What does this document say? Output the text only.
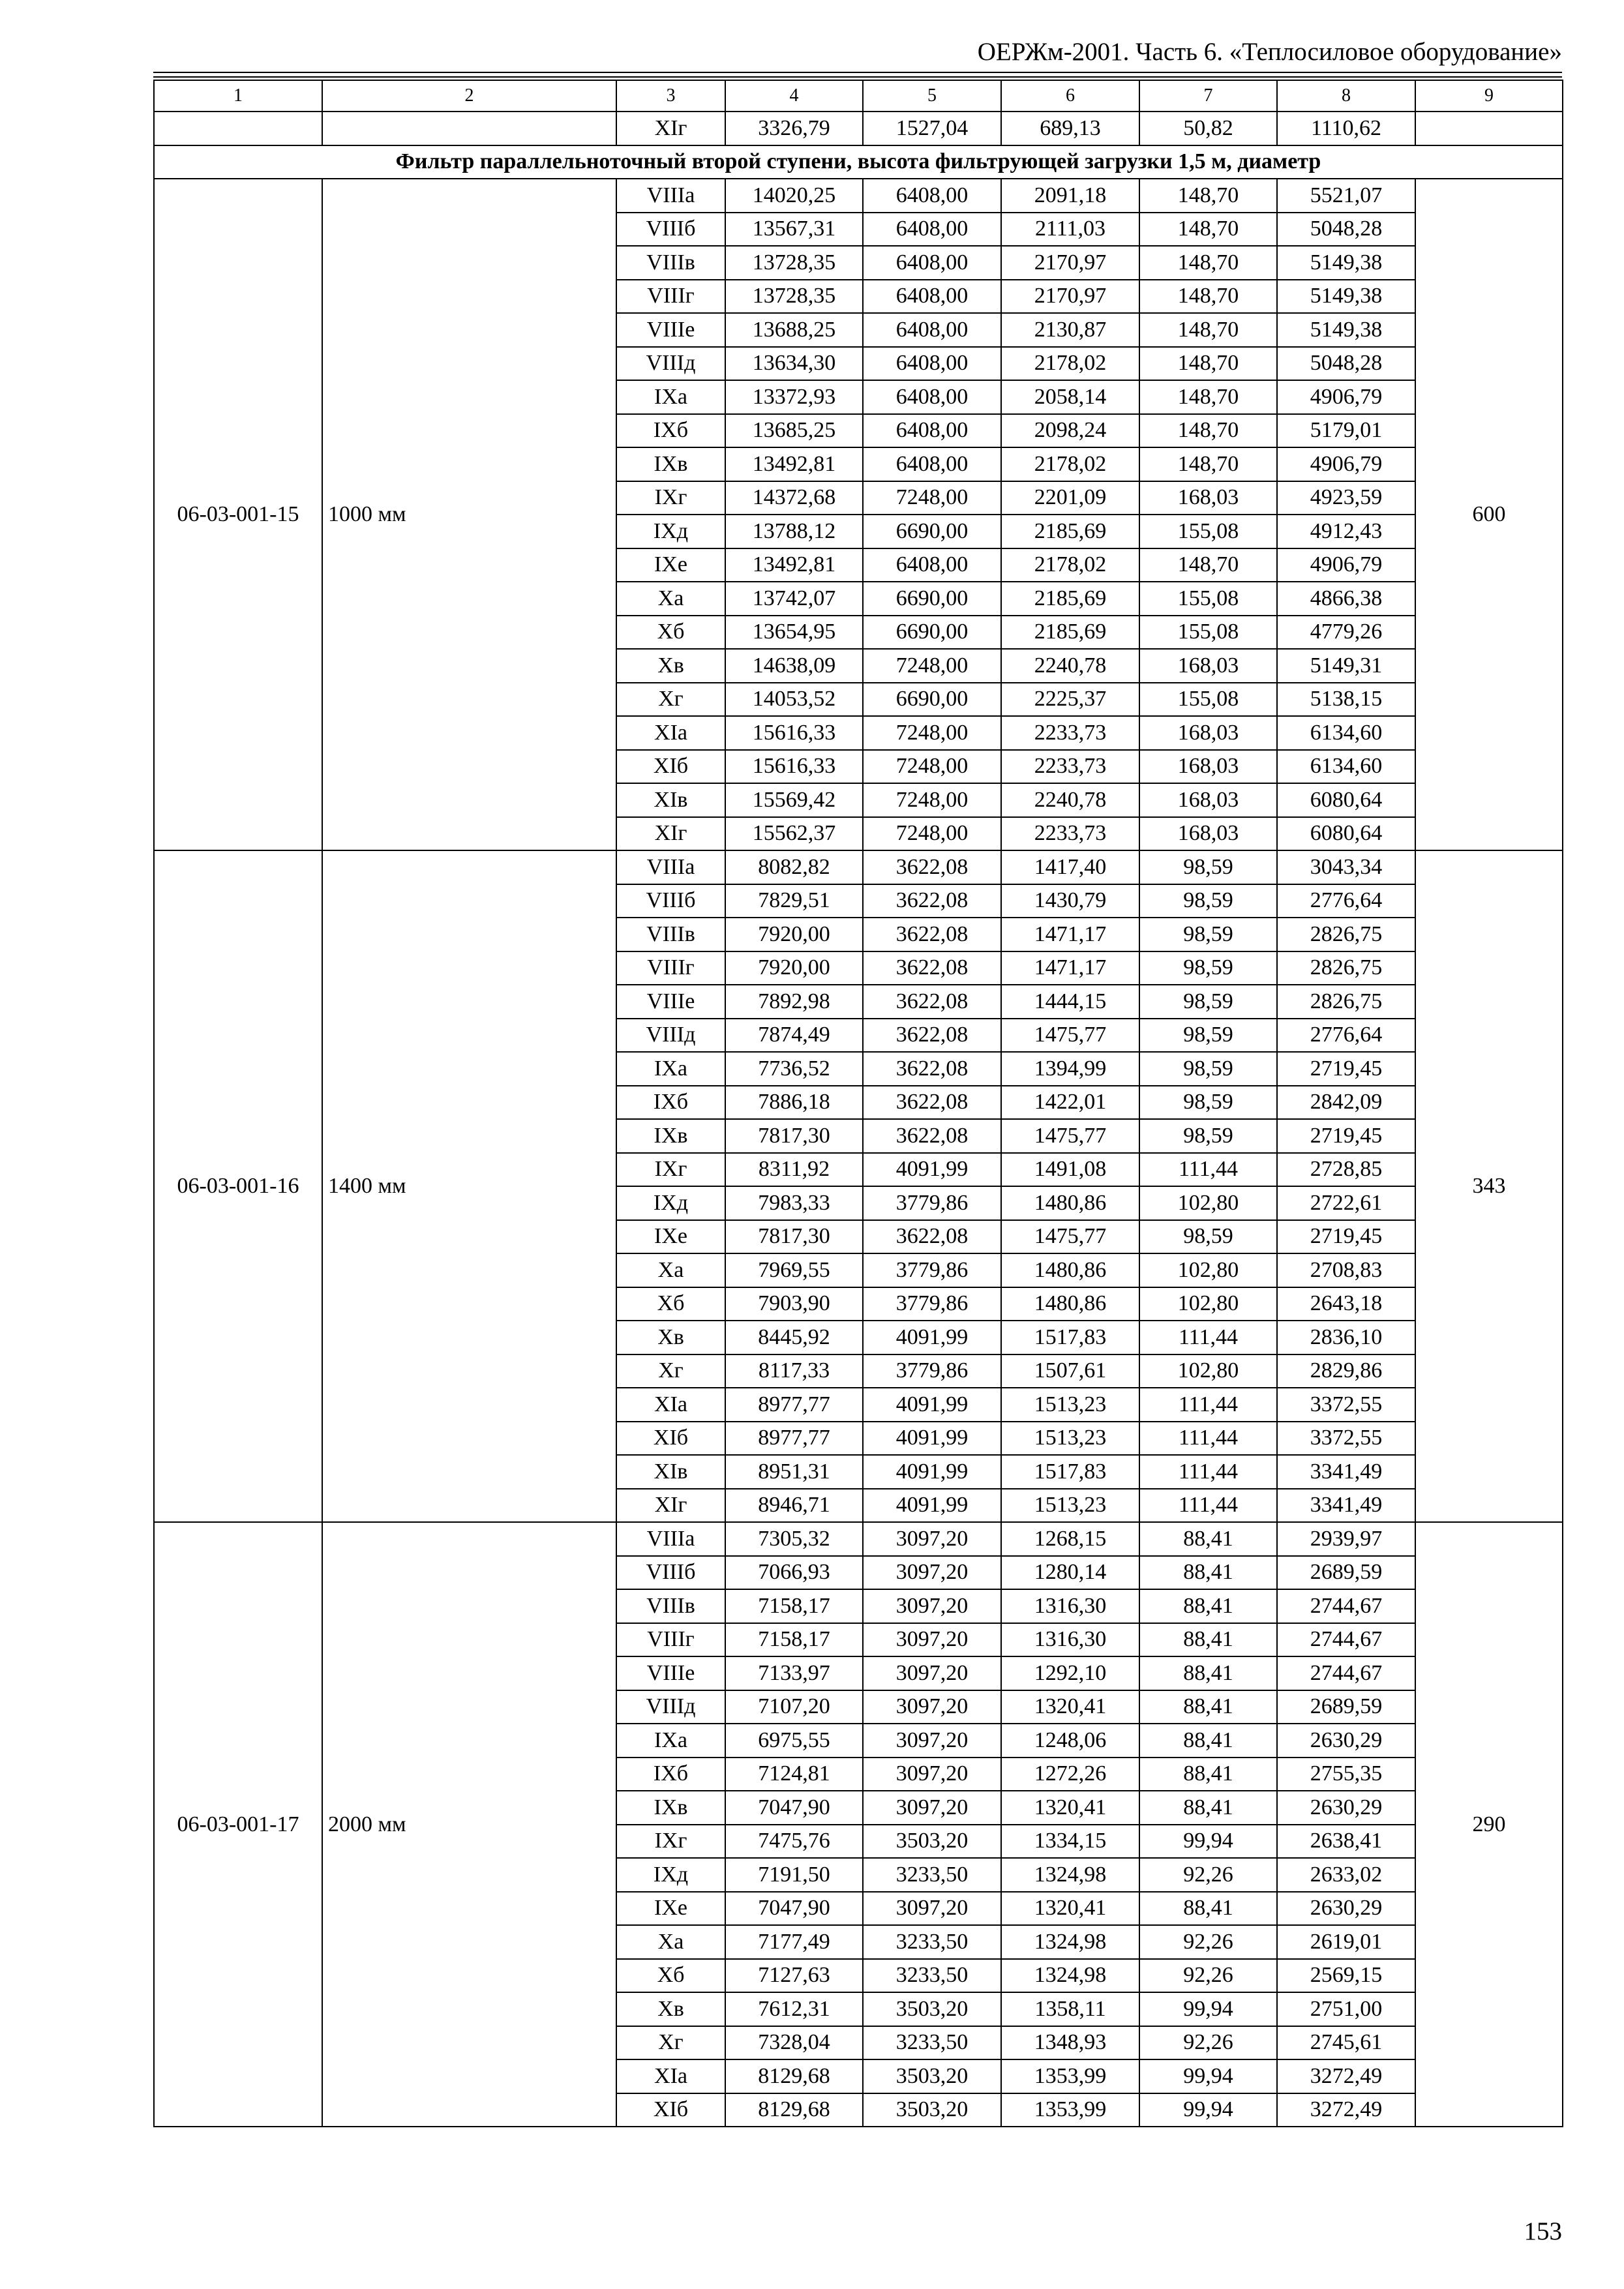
ОЕРЖм-2001. Часть 6. «Теплосиловое оборудование»
1	2	3	4	5	6	7	8	9
		XIг	3326,79	1527,04	689,13	50,82	1110,62	
Фильтр параллельноточный второй ступени, высота фильтрующей загрузки 1,5 м, диаметр								
06-03-001-15	1000 мм	VIIIа	14020,25	6408,00	2091,18	148,70	5521,07	600
		VIIIб	13567,31	6408,00	2111,03	148,70	5048,28	
		VIIIв	13728,35	6408,00	2170,97	148,70	5149,38	
		VIIIг	13728,35	6408,00	2170,97	148,70	5149,38	
		VIIIе	13688,25	6408,00	2130,87	148,70	5149,38	
		VIIIд	13634,30	6408,00	2178,02	148,70	5048,28	
		IXа	13372,93	6408,00	2058,14	148,70	4906,79	
		IXб	13685,25	6408,00	2098,24	148,70	5179,01	
		IXв	13492,81	6408,00	2178,02	148,70	4906,79	
		IXг	14372,68	7248,00	2201,09	168,03	4923,59	
		IXд	13788,12	6690,00	2185,69	155,08	4912,43	
		IXе	13492,81	6408,00	2178,02	148,70	4906,79	
		Xа	13742,07	6690,00	2185,69	155,08	4866,38	
		Xб	13654,95	6690,00	2185,69	155,08	4779,26	
		Xв	14638,09	7248,00	2240,78	168,03	5149,31	
		Xг	14053,52	6690,00	2225,37	155,08	5138,15	
		XIа	15616,33	7248,00	2233,73	168,03	6134,60	
		XIб	15616,33	7248,00	2233,73	168,03	6134,60	
		XIв	15569,42	7248,00	2240,78	168,03	6080,64	
		XIг	15562,37	7248,00	2233,73	168,03	6080,64	
06-03-001-16	1400 мм	VIIIа	8082,82	3622,08	1417,40	98,59	3043,34	343
		VIIIб	7829,51	3622,08	1430,79	98,59	2776,64	
		VIIIв	7920,00	3622,08	1471,17	98,59	2826,75	
		VIIIг	7920,00	3622,08	1471,17	98,59	2826,75	
		VIIIе	7892,98	3622,08	1444,15	98,59	2826,75	
		VIIIд	7874,49	3622,08	1475,77	98,59	2776,64	
		IXа	7736,52	3622,08	1394,99	98,59	2719,45	
		IXб	7886,18	3622,08	1422,01	98,59	2842,09	
		IXв	7817,30	3622,08	1475,77	98,59	2719,45	
		IXг	8311,92	4091,99	1491,08	111,44	2728,85	
		IXд	7983,33	3779,86	1480,86	102,80	2722,61	
		IXе	7817,30	3622,08	1475,77	98,59	2719,45	
		Xа	7969,55	3779,86	1480,86	102,80	2708,83	
		Xб	7903,90	3779,86	1480,86	102,80	2643,18	
		Xв	8445,92	4091,99	1517,83	111,44	2836,10	
		Xг	8117,33	3779,86	1507,61	102,80	2829,86	
		XIа	8977,77	4091,99	1513,23	111,44	3372,55	
		XIб	8977,77	4091,99	1513,23	111,44	3372,55	
		XIв	8951,31	4091,99	1517,83	111,44	3341,49	
		XIг	8946,71	4091,99	1513,23	111,44	3341,49	
06-03-001-17	2000 мм	VIIIа	7305,32	3097,20	1268,15	88,41	2939,97	290
		VIIIб	7066,93	3097,20	1280,14	88,41	2689,59	
		VIIIв	7158,17	3097,20	1316,30	88,41	2744,67	
		VIIIг	7158,17	3097,20	1316,30	88,41	2744,67	
		VIIIе	7133,97	3097,20	1292,10	88,41	2744,67	
		VIIIд	7107,20	3097,20	1320,41	88,41	2689,59	
		IXа	6975,55	3097,20	1248,06	88,41	2630,29	
		IXб	7124,81	3097,20	1272,26	88,41	2755,35	
		IXв	7047,90	3097,20	1320,41	88,41	2630,29	
		IXг	7475,76	3503,20	1334,15	99,94	2638,41	
		IXд	7191,50	3233,50	1324,98	92,26	2633,02	
		IXе	7047,90	3097,20	1320,41	88,41	2630,29	
		Xа	7177,49	3233,50	1324,98	92,26	2619,01	
		Xб	7127,63	3233,50	1324,98	92,26	2569,15	
		Xв	7612,31	3503,20	1358,11	99,94	2751,00	
		Xг	7328,04	3233,50	1348,93	92,26	2745,61	
		XIа	8129,68	3503,20	1353,99	99,94	3272,49	
		XIб	8129,68	3503,20	1353,99	99,94	3272,49	
153
